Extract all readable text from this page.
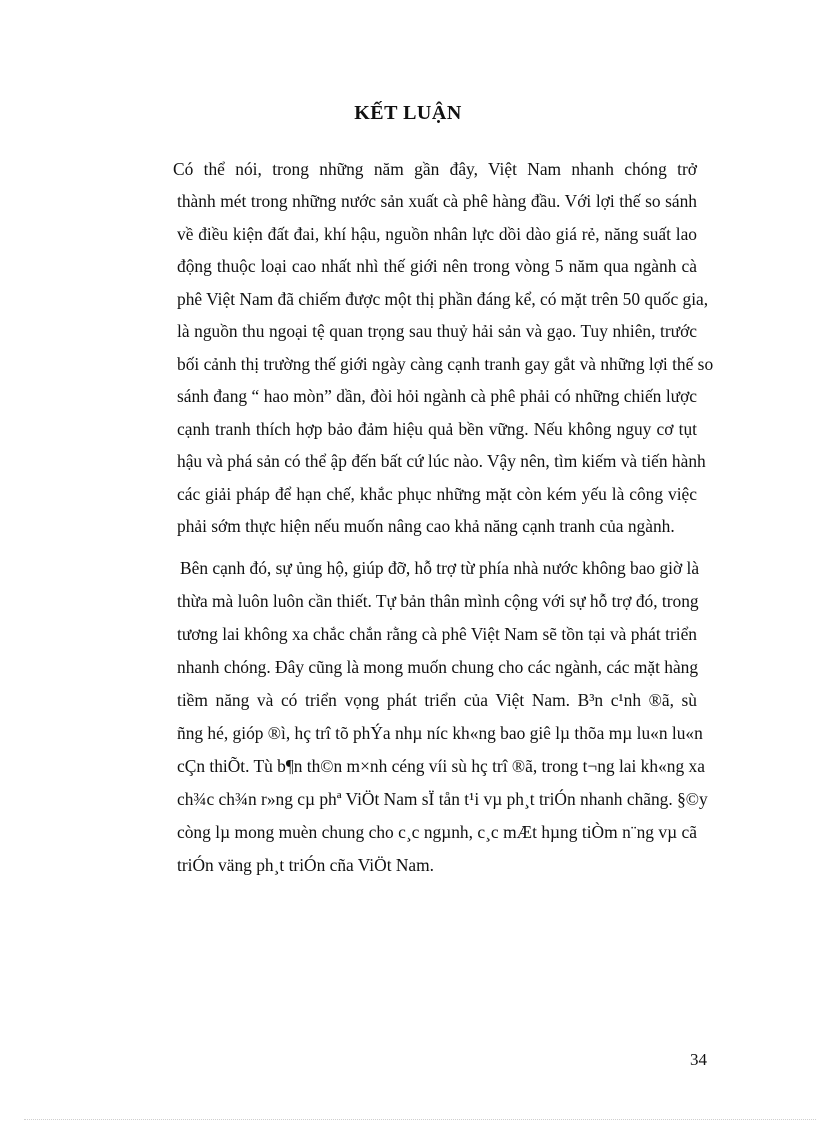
KẾT LUẬN
Có thể nói, trong những năm gần đây, Việt Nam nhanh chóng trở
thành mét trong những nước sản xuất cà phê hàng đầu. Với lợi thế so sánh
về điều kiện đất đai, khí hậu, nguồn nhân lực dồi dào giá rẻ, năng suất lao
động thuộc loại cao nhất nhì thế giới nên trong vòng 5 năm qua ngành cà
phê Việt Nam đã chiếm được một thị phần đáng kể, có mặt trên 50 quốc gia,
là nguồn thu ngoại tệ quan trọng sau thuỷ hải sản và gạo. Tuy nhiên, trước
bối cảnh thị trường thế giới ngày càng cạnh tranh gay gắt và những lợi thế so
sánh đang “ hao mòn” dần, đòi hỏi ngành cà phê phải có những chiến lược
cạnh tranh thích hợp bảo đảm hiệu quả bền vững. Nếu không nguy cơ tụt
hậu và phá sản có thể ập đến bất cứ lúc nào. Vậy nên, tìm kiếm và tiến hành
các giải pháp để hạn chế, khắc phục những mặt còn kém yếu là công việc
phải sớm thực hiện nếu muốn nâng cao khả năng cạnh tranh của ngành.
Bên cạnh đó, sự ủng hộ, giúp đỡ, hỗ trợ từ phía nhà nước không bao giờ là
thừa mà luôn luôn cần thiết. Tự bản thân mình cộng với sự hỗ trợ đó, trong
tương lai không xa chắc chắn rằng cà phê Việt Nam sẽ tồn tại và phát triển
nhanh chóng. Đây cũng là mong muốn chung cho các ngành, các mặt hàng
tiềm năng và có triển vọng phát triển của Việt Nam. B³n c¹nh ®ã, sù
ñng hé, gióp ®ì, hç trî tõ phÝa nhµ níc kh«ng bao giê lµ thõa mµ lu«n lu«n
cÇn thiÕt. Tù b¶n th©n m×nh céng víi sù hç trî ®ã, trong t¬ng lai kh«ng xa
ch¾c ch¾n r»ng cµ phª ViÖt Nam sÏ tån t¹i vµ ph¸t triÓn nhanh chãng. §©y
còng lµ mong muèn chung cho c¸c ngµnh, c¸c mÆt hµng tiÒm n¨ng vµ cã
triÓn väng ph¸t triÓn cña ViÖt Nam.
34
